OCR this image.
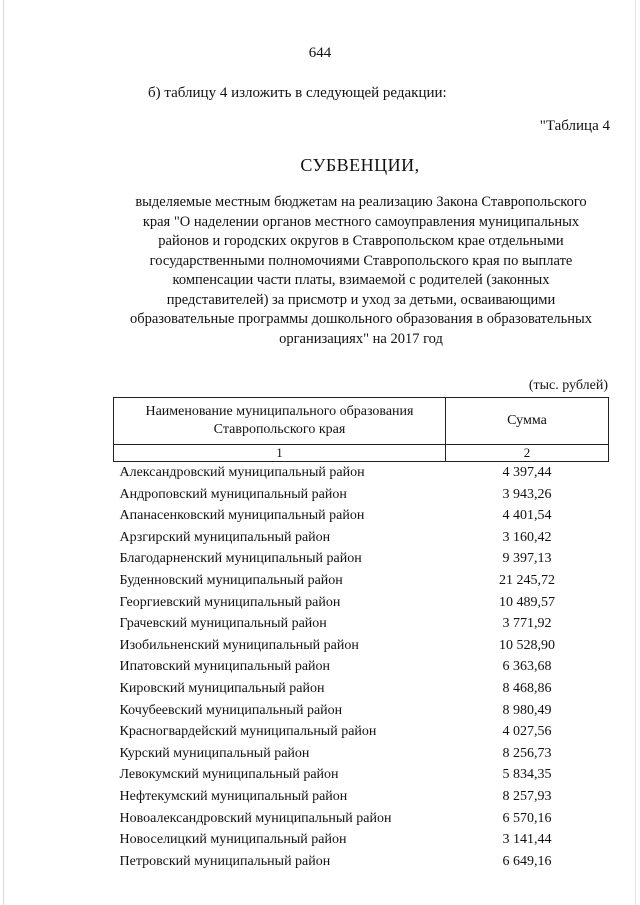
644
б) таблицу 4 изложить в следующей редакции:
"Таблица 4
СУБВЕНЦИИ,
выделяемые местным бюджетам на реализацию Закона Ставропольского
края "О наделении органов местного самоуправления муниципальных
районов и городских округов в Ставропольском крае отдельными
государственными полномочиями Ставропольского края по выплате
компенсации части платы, взимаемой с родителей (законных
представителей) за присмотр и уход за детьми, осваивающими
образовательные программы дошкольного образования в образовательных
организациях" на 2017 год
(тыс. рублей)
Наименование муниципального образования
Ставропольского края	Сумма
1	2
Александровский муниципальный район	4 397,44
Андроповский муниципальный район	3 943,26
Апанасенковский муниципальный район	4 401,54
Арзгирский муниципальный район	3 160,42
Благодарненский муниципальный район	9 397,13
Буденновский муниципальный район	21 245,72
Георгиевский муниципальный район	10 489,57
Грачевский муниципальный район	3 771,92
Изобильненский муниципальный район	10 528,90
Ипатовский муниципальный район	6 363,68
Кировский муниципальный район	8 468,86
Кочубеевский муниципальный район	8 980,49
Красногвардейский муниципальный район	4 027,56
Курский муниципальный район	8 256,73
Левокумский муниципальный район	5 834,35
Нефтекумский муниципальный район	8 257,93
Новоалександровский муниципальный район	6 570,16
Новоселицкий муниципальный район	3 141,44
Петровский муниципальный район	6 649,16
